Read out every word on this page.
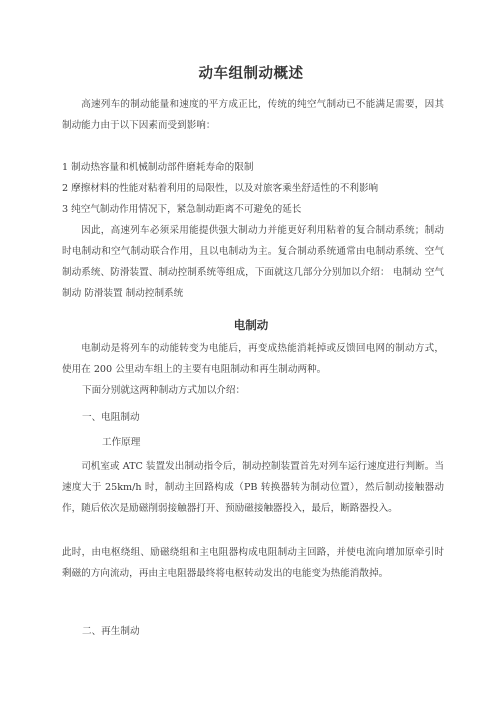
动车组制动概述

高速列车的制动能量和速度的平方成正比，传统的纯空气制动已不能满足需要，因其制动能力由于以下因素而受到影响：

1 制动热容量和机械制动部件磨耗寿命的限制
2 摩擦材料的性能对粘着利用的局限性，以及对旅客乘坐舒适性的不利影响
3 纯空气制动作用情况下，紧急制动距离不可避免的延长

因此，高速列车必须采用能提供强大制动力并能更好利用粘着的复合制动系统；制动时电制动和空气制动联合作用，且以电制动为主。复合制动系统通常由电制动系统、空气制动系统、防滑装置、制动控制系统等组成，下面就这几部分分别加以介绍： 电制动 空气制动 防滑装置 制动控制系统

电制动

电制动是将列车的动能转变为电能后，再变成热能消耗掉或反馈回电网的制动方式，使用在 200 公里动车组上的主要有电阻制动和再生制动两种。

下面分别就这两种制动方式加以介绍：
一、电阻制动
工作原理

司机室或 ATC 装置发出制动指令后，制动控制装置首先对列车运行速度进行判断。当速度大于 25km/h 时，制动主回路构成（PB 转换器转为制动位置），然后制动接触器动作，随后依次是励磁削弱接触器打开、预励磁接触器投入，最后，断路器投入。

此时，由电枢绕组、励磁绕组和主电阻器构成电阻制动主回路，并使电流向增加原牵引时剩磁的方向流动，再由主电阻器最终将电枢转动发出的电能变为热能消散掉。

二、再生制动
